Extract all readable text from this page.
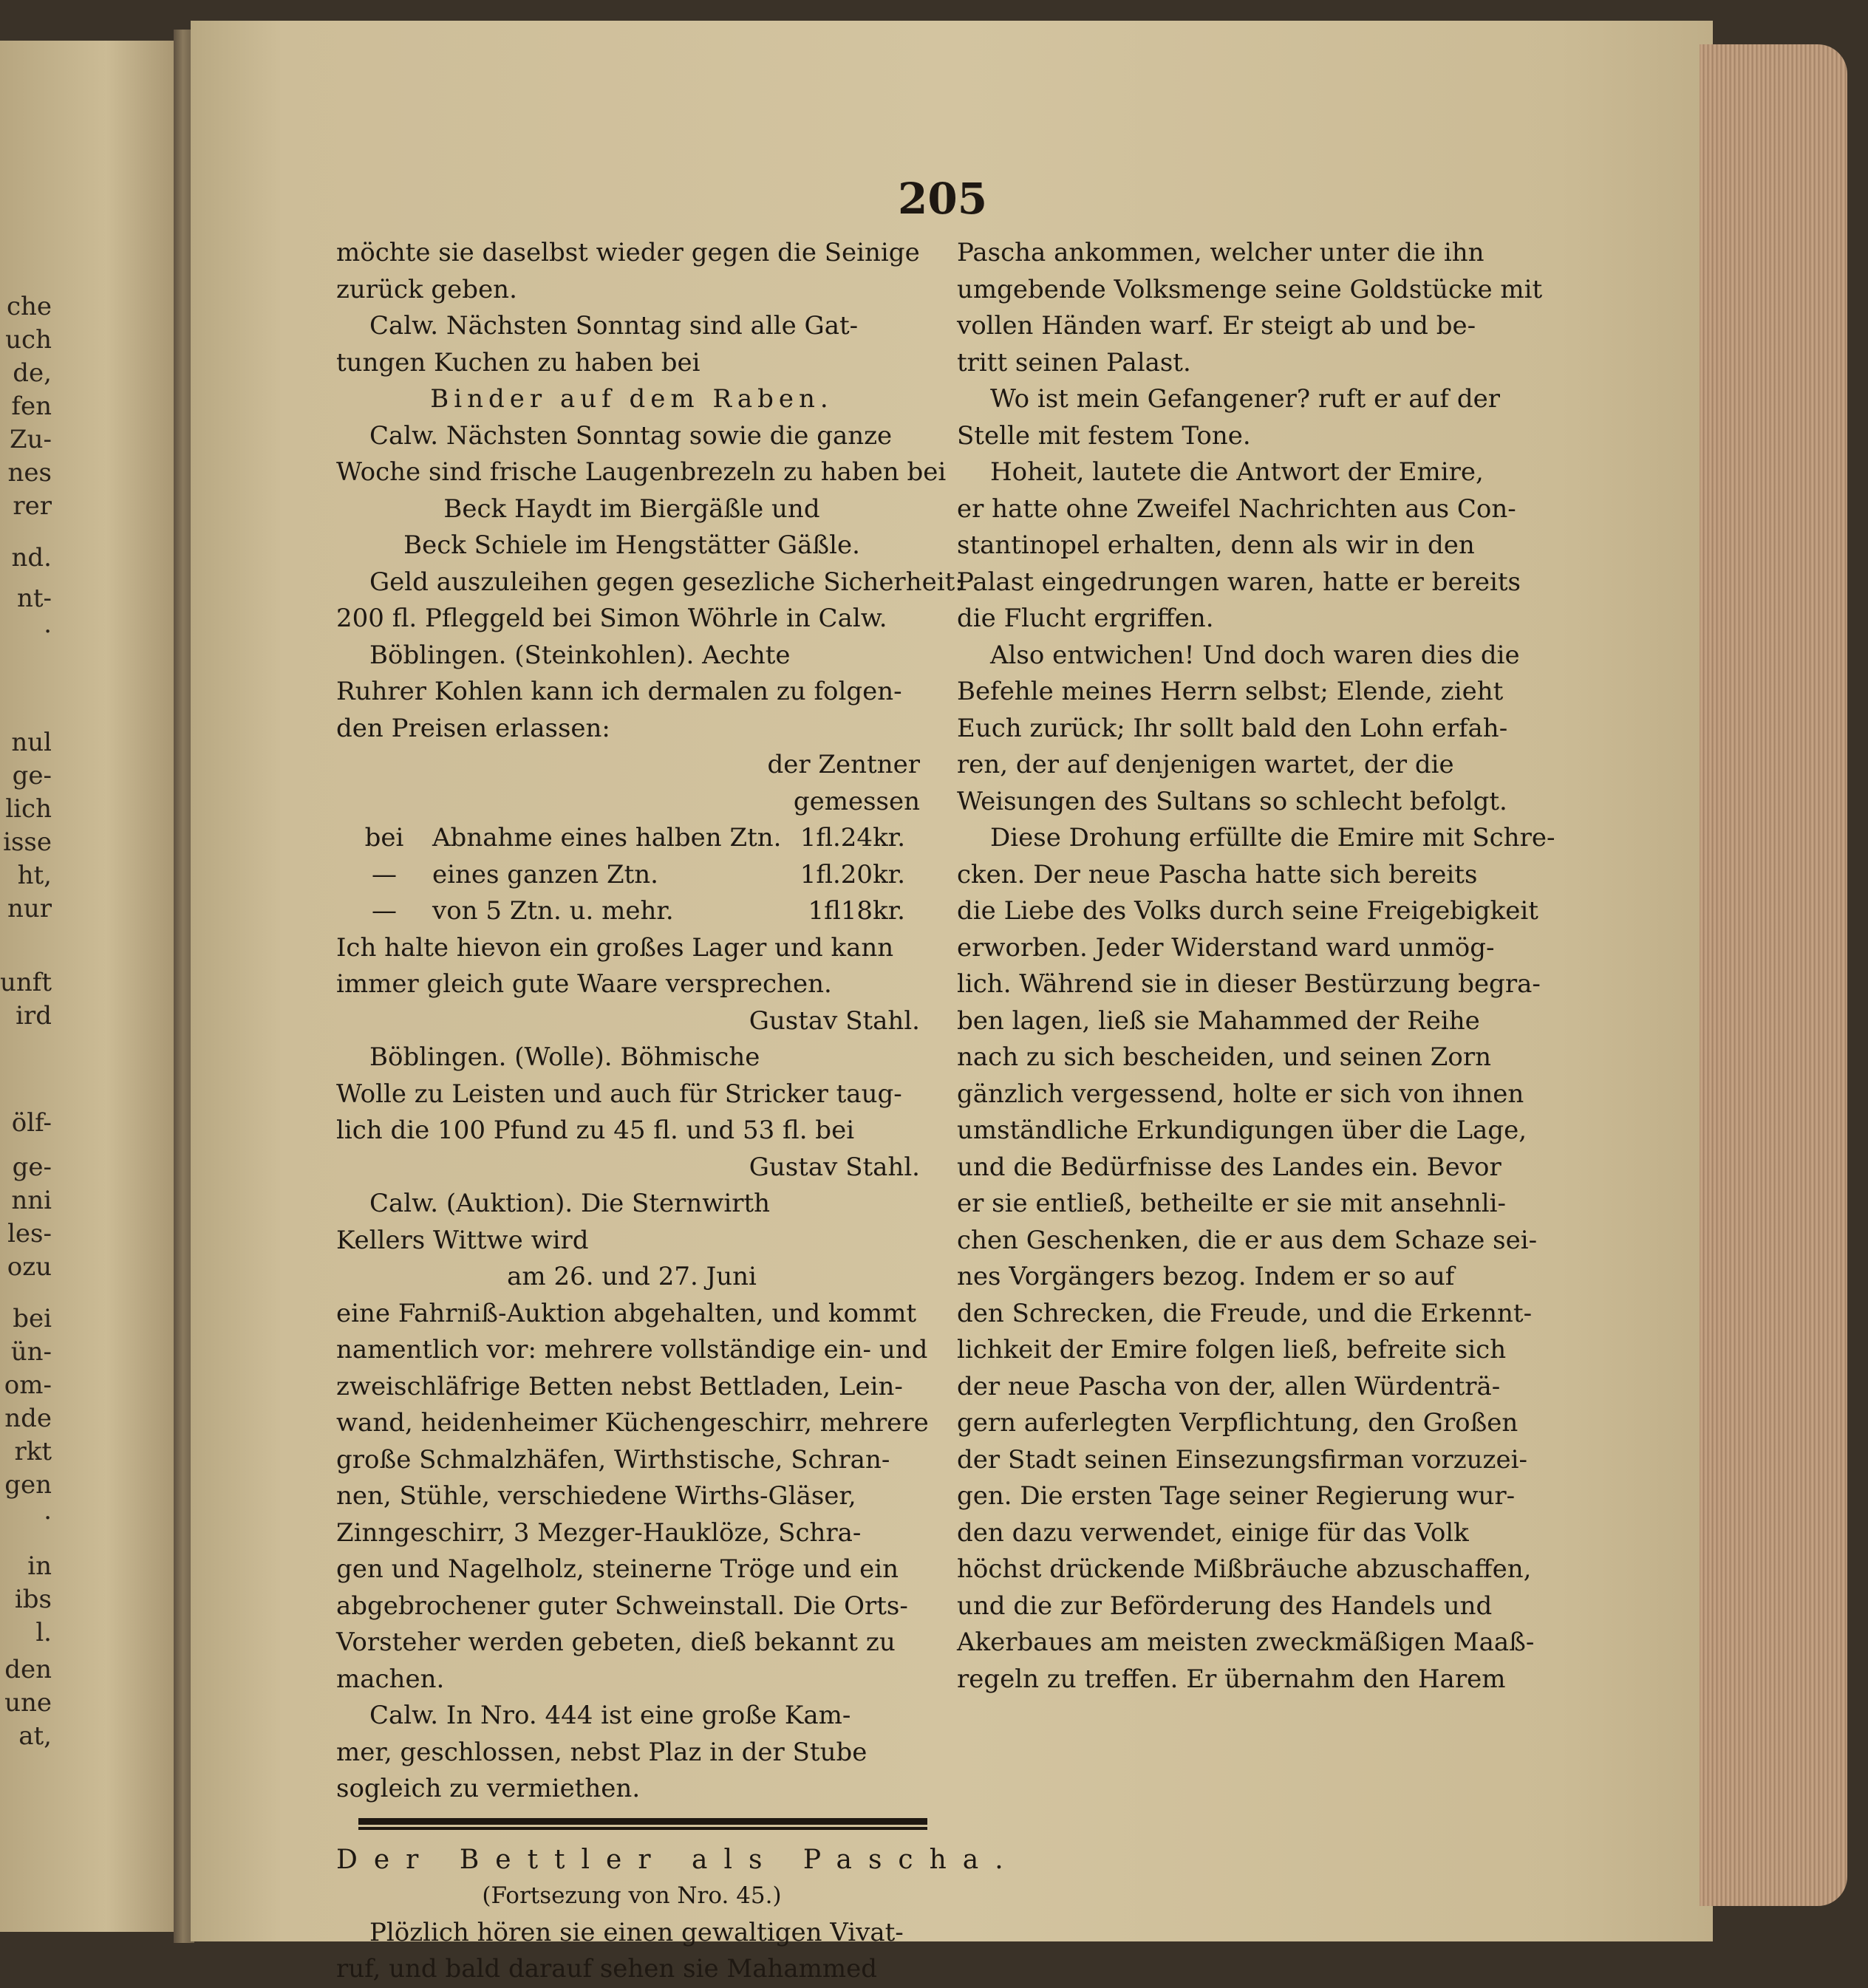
che
uch
de,
fen
Zu-
nes
rer
nd.
nt-
·
nul
ge-
lich
isse
ht,
nur
unft
ird
ölf-
ge-
nni
les-
ozu
bei
ün-
om-
nde
rkt
gen
·
in
ibs
l.
den
une
at,
205
möchte sie daselbst wieder gegen die Seinige
zurück geben.
Calw. Nächsten Sonntag sind alle Gat-
tungen Kuchen zu haben bei
Binder auf dem Raben.
Calw. Nächsten Sonntag sowie die ganze
Woche sind frische Laugenbrezeln zu haben bei
Beck Haydt im Biergäßle und
Beck Schiele im Hengstätter Gäßle.
Geld auszuleihen gegen gesezliche Sicherheit:
200 fl. Pfleggeld bei Simon Wöhrle in Calw.
Böblingen. (Steinkohlen). Aechte
Ruhrer Kohlen kann ich dermalen zu folgen-
den Preisen erlassen:
der Zentner
gemessen
bei	Abnahme eines halben Ztn. 1fl.24kr.
—	eines ganzen Ztn.	1fl.20kr.
—	von 5 Ztn. u. mehr.	1fl18kr.
Ich halte hievon ein großes Lager und kann
immer gleich gute Waare versprechen.
Gustav Stahl.
Böblingen. (Wolle). Böhmische
Wolle zu Leisten und auch für Stricker taug-
lich die 100 Pfund zu 45 fl. und 53 fl. bei
Gustav Stahl.
Calw. (Auktion). Die Sternwirth
Kellers Wittwe wird
am 26. und 27. Juni
eine Fahrniß-Auktion abgehalten, und kommt
namentlich vor: mehrere vollständige ein- und
zweischläfrige Betten nebst Bettladen, Lein-
wand, heidenheimer Küchengeschirr, mehrere
große Schmalzhäfen, Wirthstische, Schran-
nen, Stühle, verschiedene Wirths-Gläser,
Zinngeschirr, 3 Mezger-Hauklöze, Schra-
gen und Nagelholz, steinerne Tröge und ein
abgebrochener guter Schweinstall. Die Orts-
Vorsteher werden gebeten, dieß bekannt zu
machen.
Calw. In Nro. 444 ist eine große Kam-
mer, geschlossen, nebst Plaz in der Stube
sogleich zu vermiethen.
Der Bettler als Pascha.
(Fortsezung von Nro. 45.)
Plözlich hören sie einen gewaltigen Vivat-
ruf, und bald darauf sehen sie Mahammed
Pascha ankommen, welcher unter die ihn
umgebende Volksmenge seine Goldstücke mit
vollen Händen warf. Er steigt ab und be-
tritt seinen Palast.
Wo ist mein Gefangener? ruft er auf der
Stelle mit festem Tone.
Hoheit, lautete die Antwort der Emire,
er hatte ohne Zweifel Nachrichten aus Con-
stantinopel erhalten, denn als wir in den
Palast eingedrungen waren, hatte er bereits
die Flucht ergriffen.
Also entwichen! Und doch waren dies die
Befehle meines Herrn selbst; Elende, zieht
Euch zurück; Ihr sollt bald den Lohn erfah-
ren, der auf denjenigen wartet, der die
Weisungen des Sultans so schlecht befolgt.
Diese Drohung erfüllte die Emire mit Schre-
cken. Der neue Pascha hatte sich bereits
die Liebe des Volks durch seine Freigebigkeit
erworben. Jeder Widerstand ward unmög-
lich. Während sie in dieser Bestürzung begra-
ben lagen, ließ sie Mahammed der Reihe
nach zu sich bescheiden, und seinen Zorn
gänzlich vergessend, holte er sich von ihnen
umständliche Erkundigungen über die Lage,
und die Bedürfnisse des Landes ein. Bevor
er sie entließ, betheilte er sie mit ansehnli-
chen Geschenken, die er aus dem Schaze sei-
nes Vorgängers bezog. Indem er so auf
den Schrecken, die Freude, und die Erkennt-
lichkeit der Emire folgen ließ, befreite sich
der neue Pascha von der, allen Würdenträ-
gern auferlegten Verpflichtung, den Großen
der Stadt seinen Einsezungsfirman vorzuzei-
gen. Die ersten Tage seiner Regierung wur-
den dazu verwendet, einige für das Volk
höchst drückende Mißbräuche abzuschaffen,
und die zur Beförderung des Handels und
Akerbaues am meisten zweckmäßigen Maaß-
regeln zu treffen. Er übernahm den Harem
